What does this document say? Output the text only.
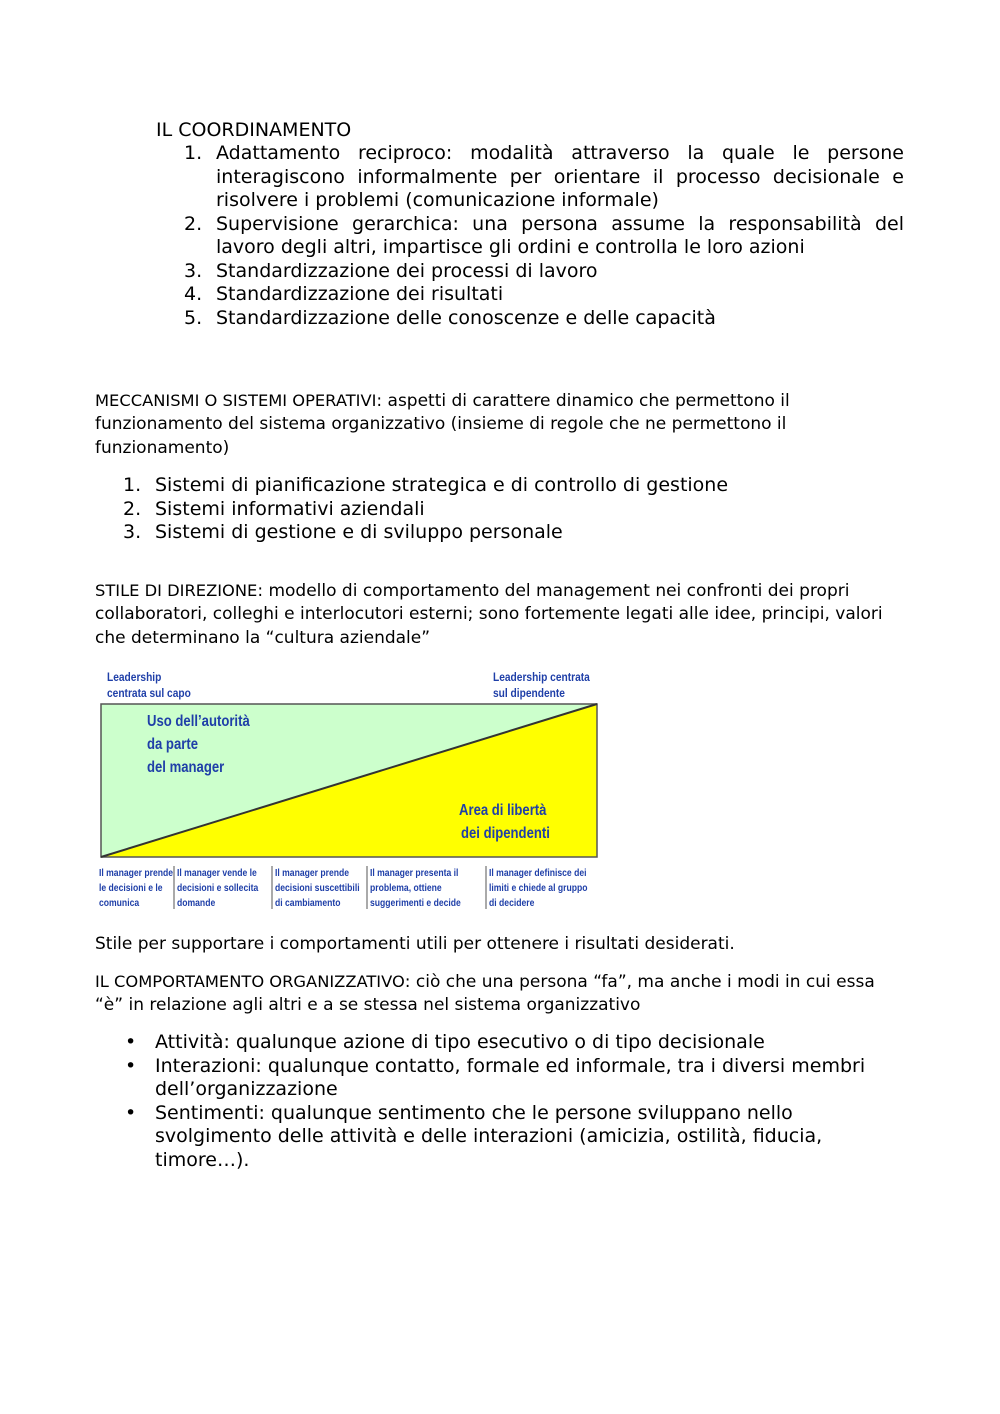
IL COORDINAMENTO

1. Adattamento reciproco: modalità attraverso la quale le persone interagiscono informalmente per orientare il processo decisionale e risolvere i problemi (comunicazione informale)
2. Supervisione gerarchica: una persona assume la responsabilità del lavoro degli altri, impartisce gli ordini e controlla le loro azioni
3. Standardizzazione dei processi di lavoro
4. Standardizzazione dei risultati
5. Standardizzazione delle conoscenze e delle capacità

MECCANISMI O SISTEMI OPERATIVI: aspetti di carattere dinamico che permettono il funzionamento del sistema organizzativo (insieme di regole che ne permettono il funzionamento)

1. Sistemi di pianificazione strategica e di controllo di gestione
2. Sistemi informativi aziendali
3. Sistemi di gestione e di sviluppo personale

STILE DI DIREZIONE: modello di comportamento del management nei confronti dei propri collaboratori, colleghi e interlocutori esterni; sono fortemente legati alle idee, principi, valori che determinano la “cultura aziendale”

Leadership
centrata sul capo
Leadership centrata
sul dipendente
Uso dell’autorità
da parte
del manager
Area di libertà
dei dipendenti
Il manager prende
le decisioni e le
comunica
Il manager vende le
decisioni e sollecita
domande
Il manager prende
decisioni suscettibili
di cambiamento
Il manager presenta il
problema, ottiene
suggerimenti e decide
Il manager definisce dei
limiti e chiede al gruppo
di decidere

Stile per supportare i comportamenti utili per ottenere i risultati desiderati.

IL COMPORTAMENTO ORGANIZZATIVO: ciò che una persona “fa”, ma anche i modi in cui essa “è” in relazione agli altri e a se stessa nel sistema organizzativo

• Attività: qualunque azione di tipo esecutivo o di tipo decisionale
• Interazioni: qualunque contatto, formale ed informale, tra i diversi membri dell’organizzazione
• Sentimenti: qualunque sentimento che le persone sviluppano nello svolgimento delle attività e delle interazioni (amicizia, ostilità, fiducia, timore…).
